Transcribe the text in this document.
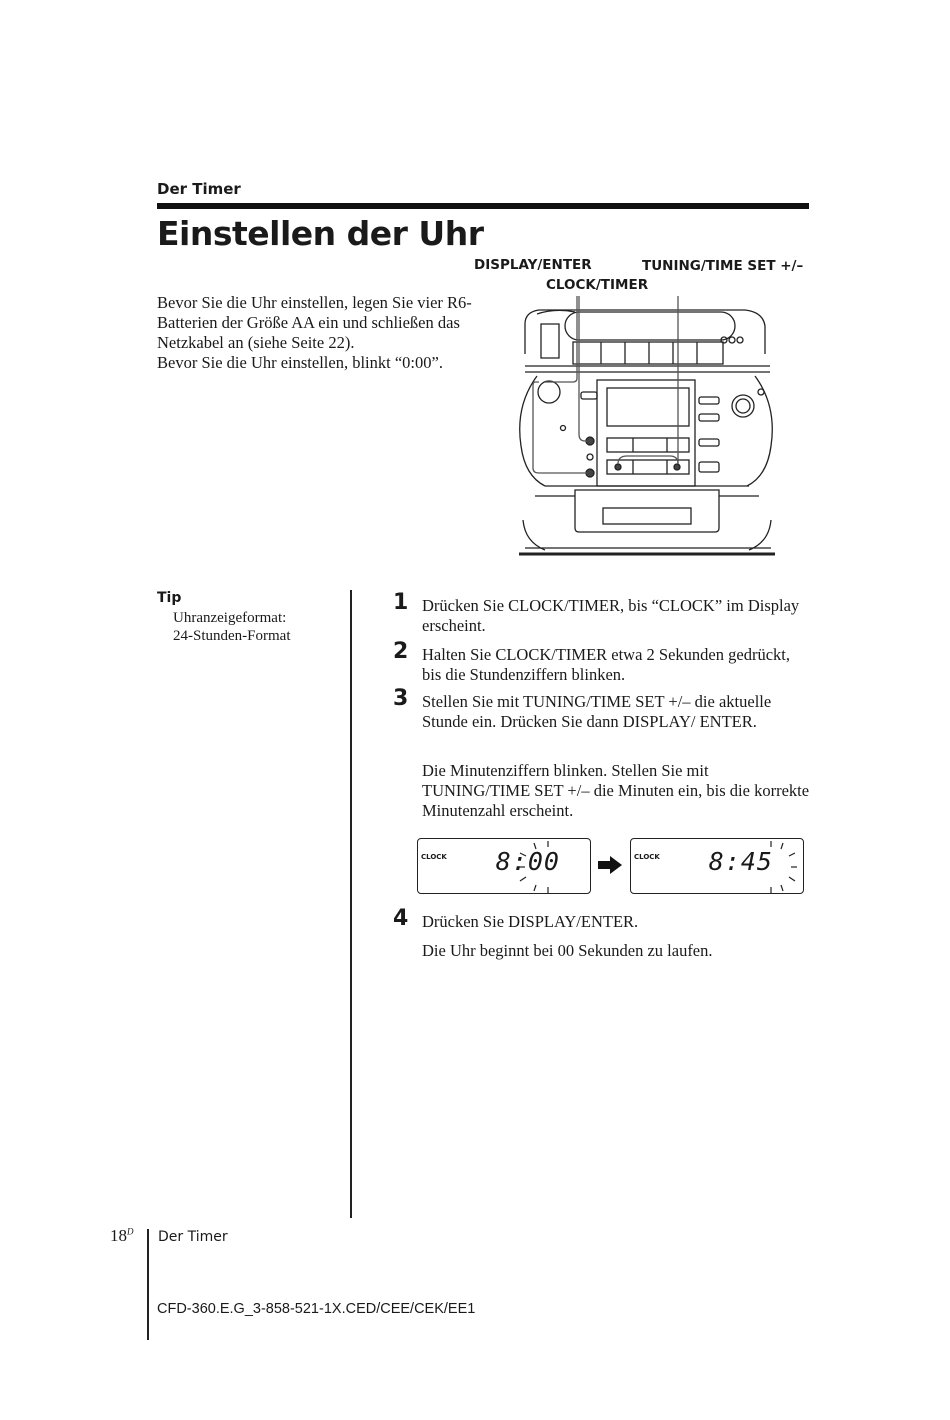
Der Timer
Einstellen der Uhr

Bevor Sie die Uhr einstellen, legen Sie vier R6-Batterien der Größe AA ein und schließen das Netzkabel an (siehe Seite 22).

Bevor Sie die Uhr einstellen, blinkt “0:00”.

DISPLAY/ENTER	TUNING/TIME SET +/–
CLOCK/TIMER
Tip
Uhranzeigeformat:
24-Stunden-Format
1 Drücken Sie CLOCK/TIMER, bis “CLOCK” im Display erscheint.
2 Halten Sie CLOCK/TIMER etwa 2 Sekunden gedrückt, bis die Stundenziffern blinken.
3 Stellen Sie mit TUNING/TIME SET +/– die aktuelle Stunde ein. Drücken Sie dann DISPLAY/ ENTER.
Die Minutenziffern blinken. Stellen Sie mit TUNING/TIME SET +/– die Minuten ein, bis die korrekte Minutenzahl erscheint.
CLOCK 8:00	CLOCK 8:45
4 Drücken Sie DISPLAY/ENTER.
Die Uhr beginnt bei 00 Sekunden zu laufen.
$18^D$ Der Timer
CFD-360.E.G_3-858-521-1X.CED/CEE/CEK/EE1
